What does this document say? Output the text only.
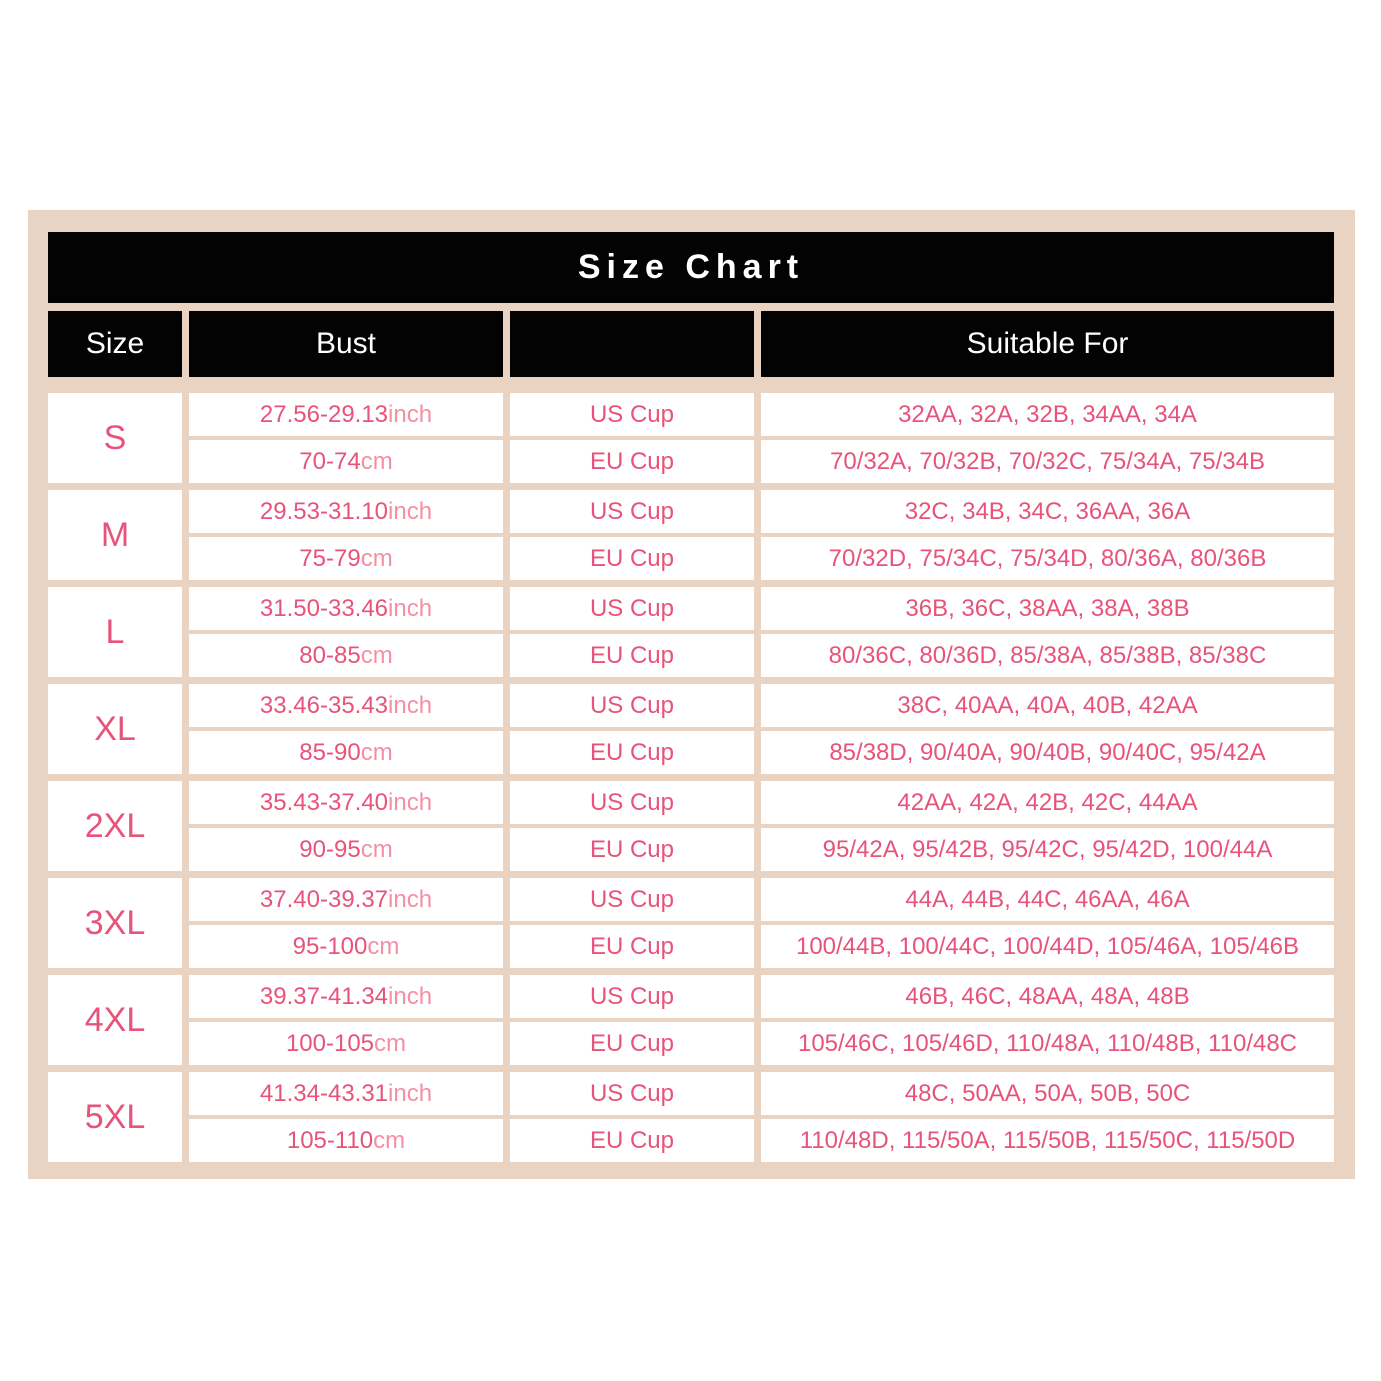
Size Chart
Size	Bust	Suitable For
S
27.56-29.13 inch	US Cup	32AA, 32A, 32B, 34AA, 34A
70-74 cm	EU Cup	70/32A, 70/32B, 70/32C, 75/34A, 75/34B
M
29.53-31.10 inch	US Cup	32C, 34B, 34C, 36AA, 36A
75-79 cm	EU Cup	70/32D, 75/34C, 75/34D, 80/36A, 80/36B
L
31.50-33.46 inch	US Cup	36B, 36C, 38AA, 38A, 38B
80-85 cm	EU Cup	80/36C, 80/36D, 85/38A, 85/38B, 85/38C
XL
33.46-35.43 inch	US Cup	38C, 40AA, 40A, 40B, 42AA
85-90 cm	EU Cup	85/38D, 90/40A, 90/40B, 90/40C, 95/42A
2XL
35.43-37.40 inch	US Cup	42AA, 42A, 42B, 42C, 44AA
90-95 cm	EU Cup	95/42A, 95/42B, 95/42C, 95/42D, 100/44A
3XL
37.40-39.37 inch	US Cup	44A, 44B, 44C, 46AA, 46A
95-100 cm	EU Cup	100/44B, 100/44C, 100/44D, 105/46A, 105/46B
4XL
39.37-41.34 inch	US Cup	46B, 46C, 48AA, 48A, 48B
100-105 cm	EU Cup	105/46C, 105/46D, 110/48A, 110/48B, 110/48C
5XL
41.34-43.31 inch	US Cup	48C, 50AA, 50A, 50B, 50C
105-110 cm	EU Cup	110/48D, 115/50A, 115/50B, 115/50C, 115/50D
